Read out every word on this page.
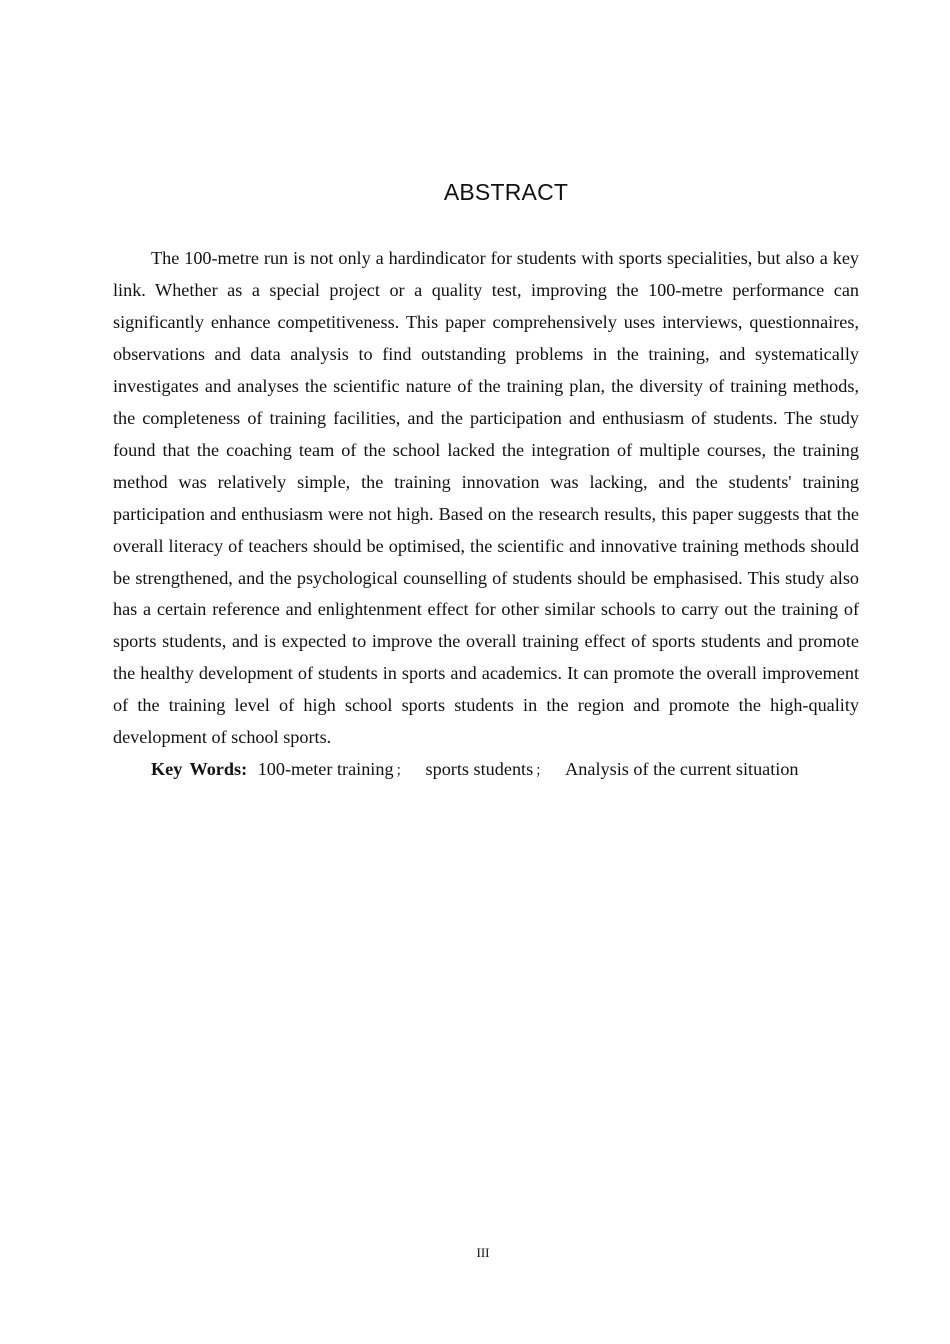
ABSTRACT

The 100-metre run is not only a hardindicator for students with sports specialities, but also a key link. Whether as a special project or a quality test, improving the 100-metre performance can significantly enhance competitiveness. This paper comprehensively uses interviews, questionnaires, observations and data analysis to find outstanding problems in the training, and systematically investigates and analyses the scientific nature of the training plan, the diversity of training methods, the completeness of training facilities, and the participation and enthusiasm of students. The study found that the coaching team of the school lacked the integration of multiple courses, the training method was relatively simple, the training innovation was lacking, and the students' training participation and enthusiasm were not high. Based on the research results, this paper suggests that the overall literacy of teachers should be optimised, the scientific and innovative training methods should be strengthened, and the psychological counselling of students should be emphasised. This study also has a certain reference and enlightenment effect for other similar schools to carry out the training of sports students, and is expected to improve the overall training effect of sports students and promote the healthy development of students in sports and academics. It can promote the overall improvement of the training level of high school sports students in the region and promote the high-quality development of school sports.

Key Words: 100-meter training ； sports students ； Analysis of the current situation
III
